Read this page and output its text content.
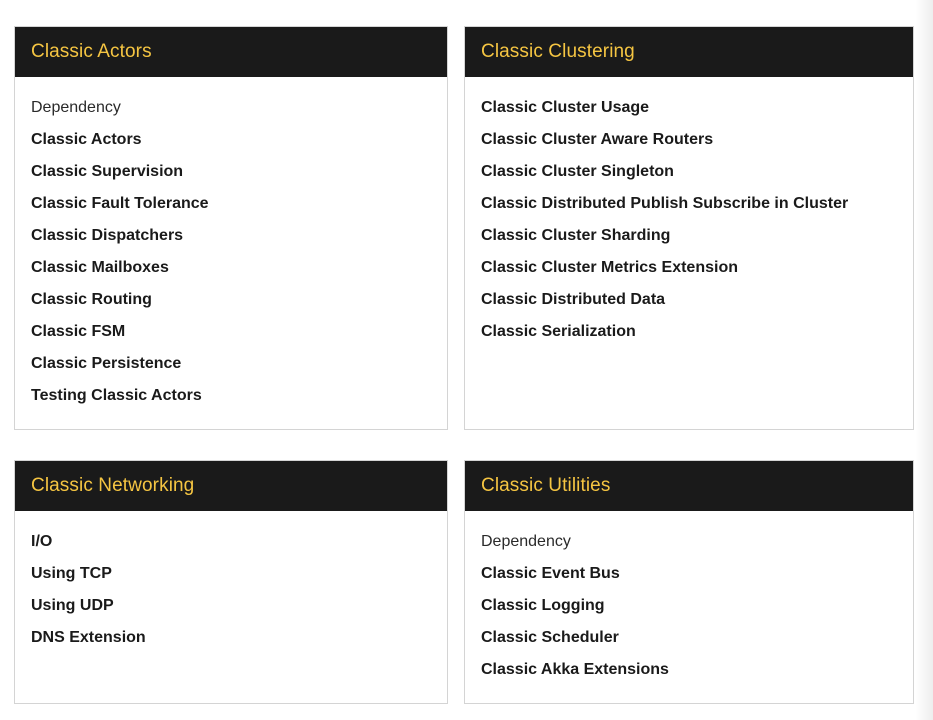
Classic Actors
Dependency
Classic Actors
Classic Supervision
Classic Fault Tolerance
Classic Dispatchers
Classic Mailboxes
Classic Routing
Classic FSM
Classic Persistence
Testing Classic Actors
Classic Clustering
Classic Cluster Usage
Classic Cluster Aware Routers
Classic Cluster Singleton
Classic Distributed Publish Subscribe in Cluster
Classic Cluster Sharding
Classic Cluster Metrics Extension
Classic Distributed Data
Classic Serialization
Classic Networking
I/O
Using TCP
Using UDP
DNS Extension
Classic Utilities
Dependency
Classic Event Bus
Classic Logging
Classic Scheduler
Classic Akka Extensions
